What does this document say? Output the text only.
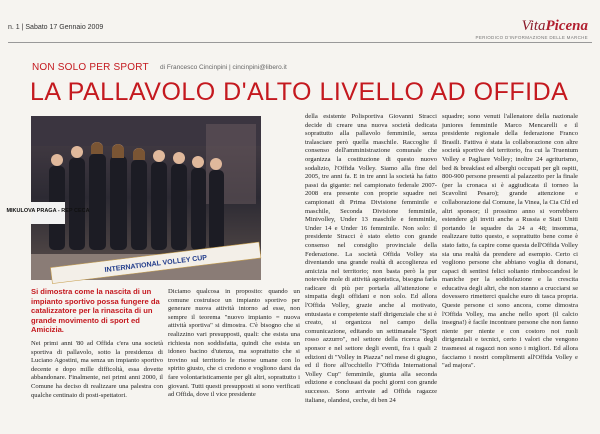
n. 1 | Sabato 17 Gennaio 2009	VitaPicena
PERIODICO D'INFORMAZIONE DELLE MARCHE
NON SOLO PER SPORT di Francesco Cincinpini | cincinpini@libero.it
LA PALLAVOLO D'ALTO LIVELLO AD OFFIDA
MIKULOVA PRAGA - REP CECA
INTERNATIONAL VOLLEY CUP
Si dimostra come la nascita di un impianto sportivo possa fungere da catalizzatore per la rinascita di un grande movimento di sport ed Amicizia.
Nei primi anni '80 ad Offida c'era una società sportiva di pallavolo, sotto la presidenza di Luciano Agostini, ma senza un impianto sportivo decente e dopo mille difficoltà, essa dovette abbandonare. Finalmente, nei primi anni 2000, il Comune ha deciso di realizzare una palestra con qualche centinaio di posti-spettatori.
Diciamo qualcosa in proposito: quando un comune costruisce un impianto sportivo per generare nuova attività intorno ad esse, non sempre il teorema "nuovo impianto = nuova attività sportiva" si dimostra. C'è bisogno che si realizzino vari presupposti, quali: che esista una richiesta non soddisfatta, quindi che esista un idoneo bacino d'utenza, ma soprattutto che si trovino sul territorio le risorse umane con lo spirito giusto, che ci credono e vogliono darsi da fare volontaristicamente per gli altri, soprattutto i giovani. Tutti questi presupposti si sono verificati ad Offida, dove il vice presidente
della esistente Polisportiva Giovanni Stracci decide di creare una nuova società dedicata soprattutto alla pallavolo femminile, senza tralasciare però quella maschile. Raccoglie il consenso dell'amministrazione comunale che organizza la costituzione di questo nuovo sodalizio, l'Offida Volley. Siamo alla fine del 2005, tre anni fa. E in tre anni la società ha fatto passi da gigante: nel campionato federale 2007-2008 era presente con proprie squadre nei campionati di Prima Divisione femminile e maschile, Seconda Divisione femminile, Minivolley, Under 13 maschile e femminile, Under 14 e Under 16 femminile. Non solo: il presidente Stracci è stato eletto con grande consenso nel consiglio provinciale della Federazione. La società Offida Volley sta diventando una grande realtà di accoglienza ed amicizia nel territorio; non basta però la pur notevole mole di attività agonistica, bisogna farla radicare di più per portarla all'attenzione e simpatia degli offidani e non solo. Ed allora l'Offida Volley, grazie anche al motivato, entusiasta e competente staff dirigenziale che si è creato, si organizza nel campo della comunicazione, editando un settimanale "Sport rosso azzurro", nel settore della ricerca degli sponsor e nel settore degli eventi, fra i quali 2 edizioni di "Volley in Piazza" nel mese di giugno, ed il fiore all'occhiello l'"Offida International Volley Cup" femminile, giunta alla seconda edizione e conclusasi da pochi giorni con grande successo. Sono arrivate ad Offida ragazze italiane, olandesi, ceche, di ben 24
squadre; sono venuti l'allenatore della nazionale juniores femminile Marco Mencarelli e il presidente regionale della federazione Franco Brasili. Fattiva è stata la collaborazione con altre società sportive del territorio, fra cui la Truentum Volley e Pagliare Volley; inoltre 24 agriturismo, bed & breakfast ed alberghi occupati per gli ospiti, 800-900 persone presenti al palazzetto per la finale (per la cronaca si è aggiudicata il torneo la Scavolini Pesaro); grande attenzione e collaborazione dal Comune, la Vinea, la Cia Cfd ed altri sponsor; il prossimo anno si vorrebbero estendere gli inviti anche a Russia e Stati Uniti portando le squadre da 24 a 48; insomma, realizzare tutto questo, e soprattutto bene come è stato fatto, fa capire come questa dell'Offida Volley sia una realtà da prendere ad esempio. Certo ci vogliono persone che abbiano voglia di donarsi, capaci di sentirsi felici soltanto rimboccandosi le maniche per la soddisfazione e la crescita educativa degli altri, che non stanno a crucciarsi se dovessero rimetterci qualche euro di tasca propria. Queste persone ci sono ancora, come dimostra l'Offida Volley, ma anche nello sport (il calcio insegna!) è facile incontrare persone che non fanno niente per niente e con costoro noi ruoli dirigenziali e tecnici, certo i valori che vengono trasmessi ai ragazzi non sono i migliori. Ed allora facciamo i nostri complimenti all'Offida Volley e "ad majora".
